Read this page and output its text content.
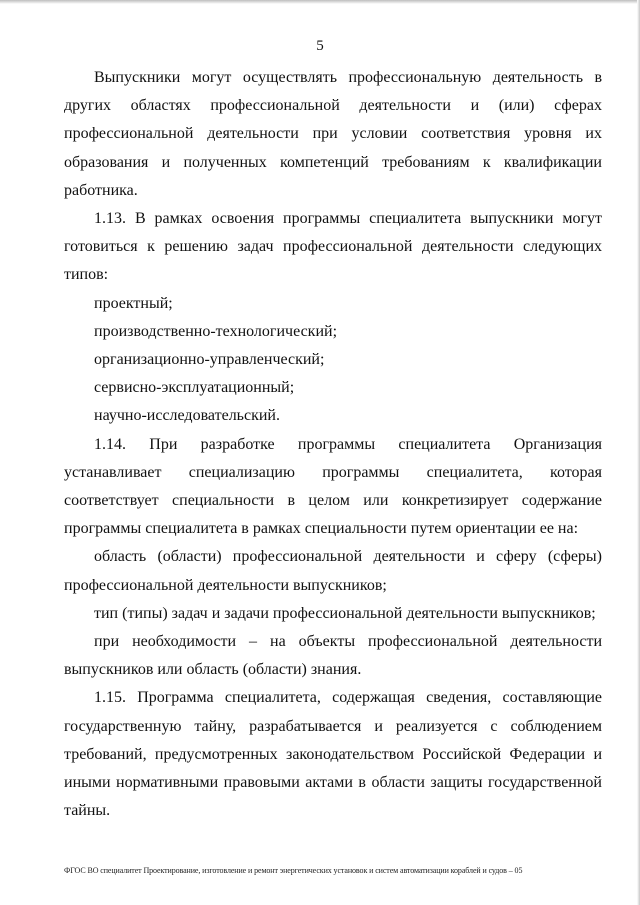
5

Выпускники могут осуществлять профессиональную деятельность в других областях профессиональной деятельности и (или) сферах профессиональной деятельности при условии соответствия уровня их образования и полученных компетенций требованиям к квалификации работника.

1.13. В рамках освоения программы специалитета выпускники могут готовиться к решению задач профессиональной деятельности следующих типов:

проектный;

производственно-технологический;

организационно-управленческий;

сервисно-эксплуатационный;

научно-исследовательский.

1.14. При разработке программы специалитета Организация устанавливает специализацию программы специалитета, которая соответствует специальности в целом или конкретизирует содержание программы специалитета в рамках специальности путем ориентации ее на:

область (области) профессиональной деятельности и сферу (сферы) профессиональной деятельности выпускников;

тип (типы) задач и задачи профессиональной деятельности выпускников;

при необходимости – на объекты профессиональной деятельности выпускников или область (области) знания.

1.15. Программа специалитета, содержащая сведения, составляющие государственную тайну, разрабатывается и реализуется с соблюдением требований, предусмотренных законодательством Российской Федерации и иными нормативными правовыми актами в области защиты государственной тайны.

ФГОС ВО специалитет Проектирование, изготовление и ремонт энергетических установок и систем автоматизации кораблей и судов – 05
